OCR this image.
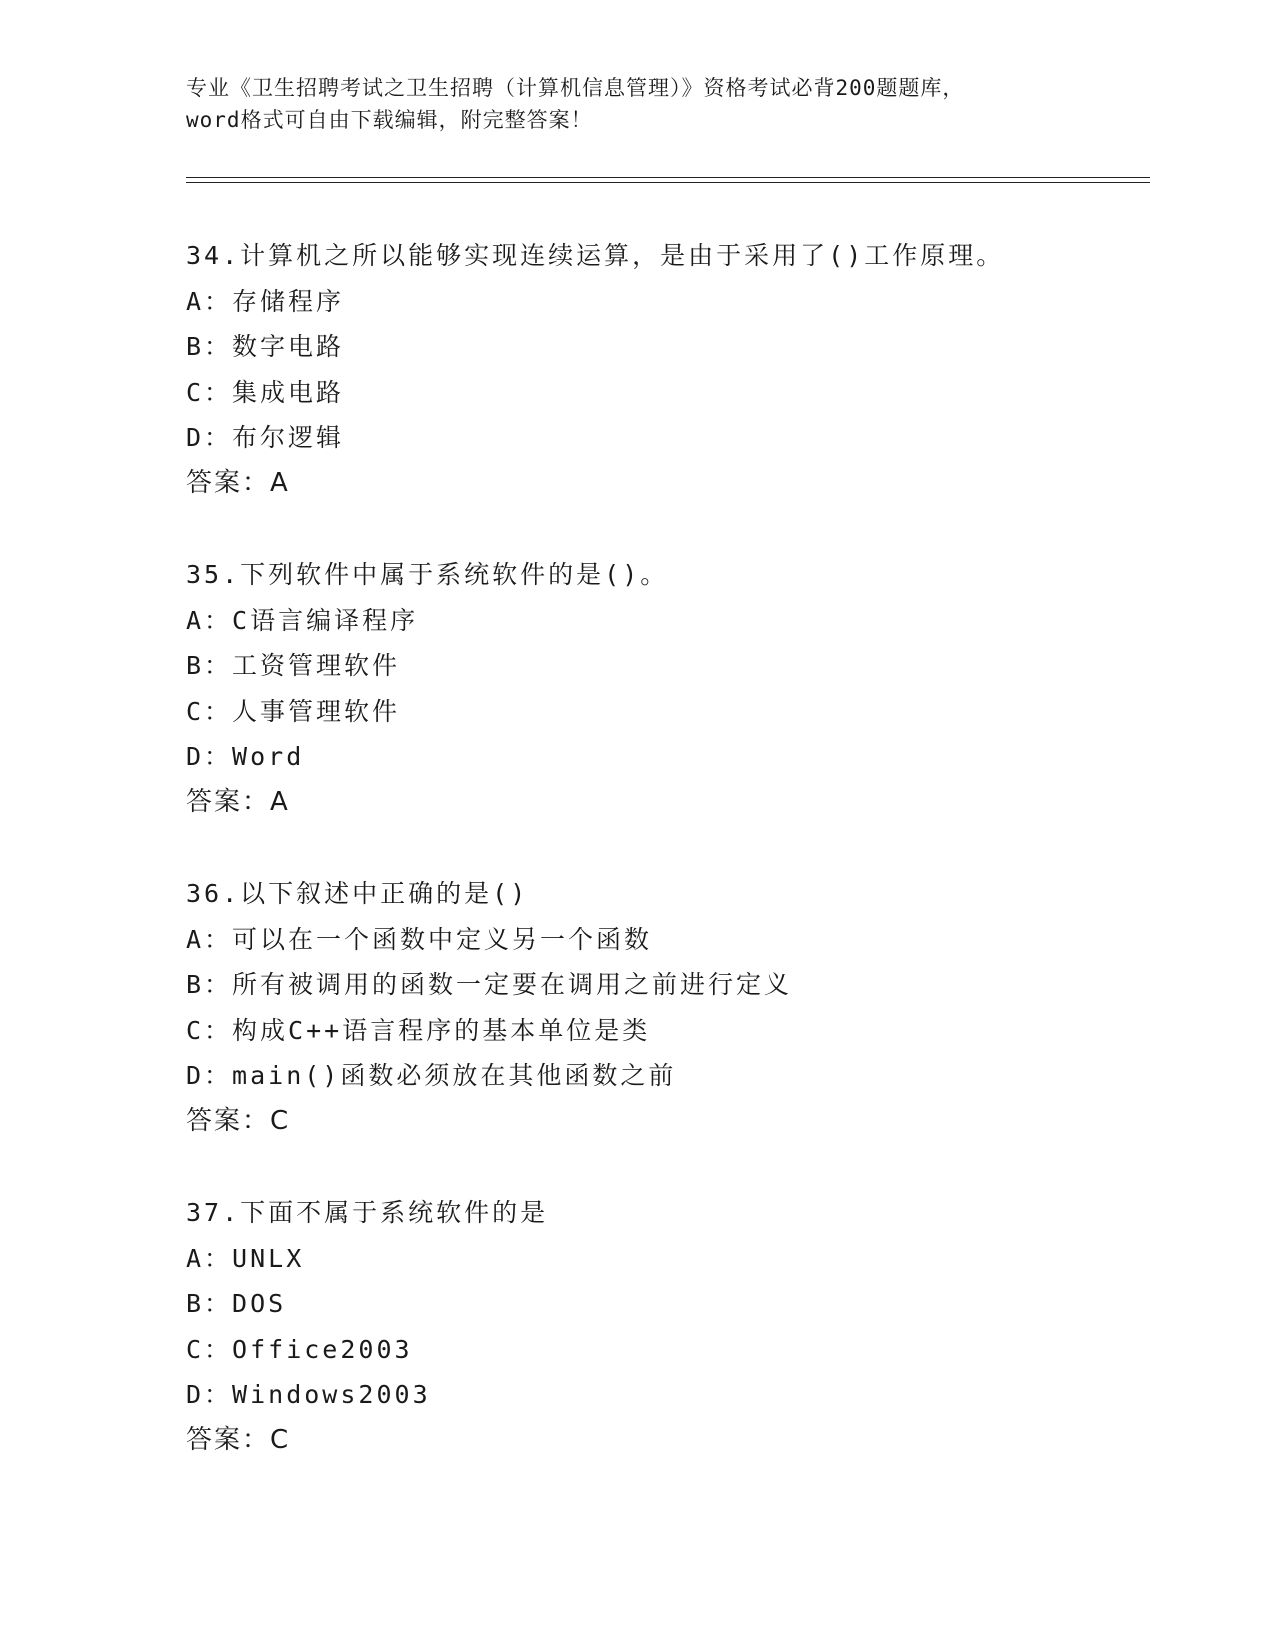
专业《卫生招聘考试之卫生招聘（计算机信息管理）》资格考试必背200题题库，
word格式可自由下载编辑，附完整答案！
34.计算机之所以能够实现连续运算，是由于采用了()工作原理。
A：存储程序
B：数字电路
C：集成电路
D：布尔逻辑
答案：A
35.下列软件中属于系统软件的是()。
A：C语言编译程序
B：工资管理软件
C：人事管理软件
D：Word
答案：A
36.以下叙述中正确的是()
A：可以在一个函数中定义另一个函数
B：所有被调用的函数一定要在调用之前进行定义
C：构成C++语言程序的基本单位是类
D：main()函数必须放在其他函数之前
答案：C
37.下面不属于系统软件的是
A：UNLX
B：DOS
C：Office2003
D：Windows2003
答案：C
